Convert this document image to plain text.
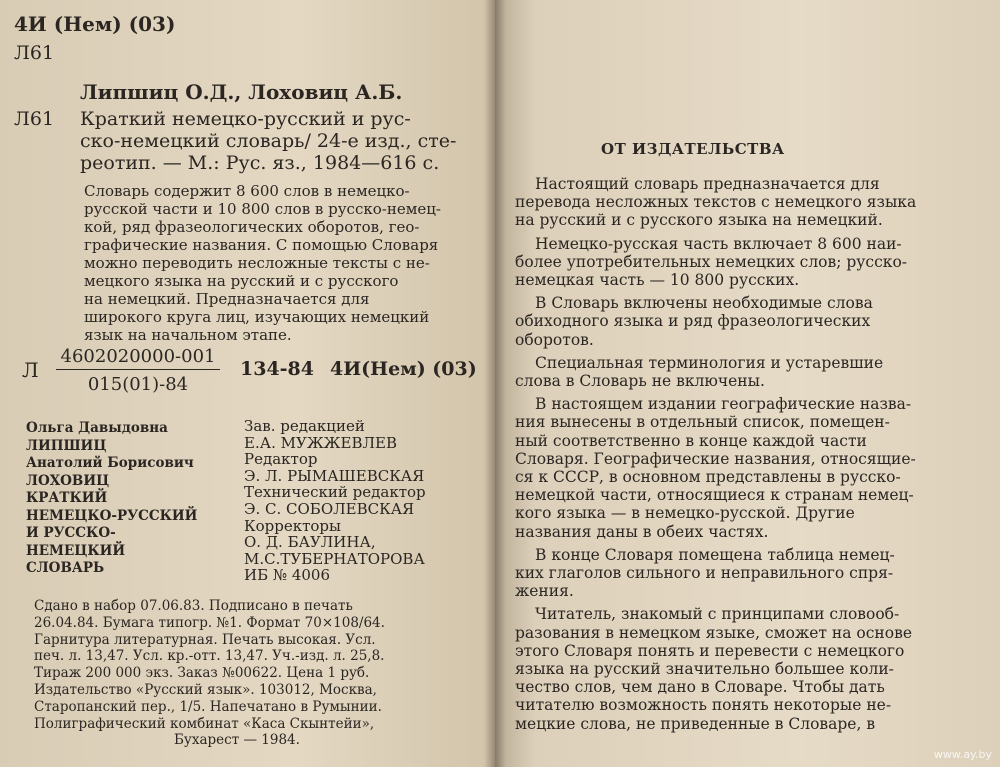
4И (Нем) (03)
Л61
Липшиц О.Д., Лоховиц А.Б.
Л61 Краткий немецко-русский и рус-
ско-немецкий словарь/ 24-е изд., сте-
реотип. — М.: Рус. яз., 1984—616 с.
Словарь содержит 8 600 слов в немецко-
русской части и 10 800 слов в русско-немец-
кой, ряд фразеологических оборотов, гео-
графические названия. С помощью Словаря
можно переводить несложные тексты с не-
мецкого языка на русский и с русского
на немецкий. Предназначается для
широкого круга лиц, изучающих немецкий
язык на начальном этапе.
Л
4602020000-001
015(01)-84
134-84 4И(Нем) (03)
Ольга Давыдовна
ЛИПШИЦ
Анатолий Борисович
ЛОХОВИЦ
КРАТКИЙ
НЕМЕЦКО-РУССКИЙ
И РУССКО-
НЕМЕЦКИЙ
СЛОВАРЬ
Зав. редакцией
Е.А. МУЖЖЕВЛЕВ
Редактор
Э. Л. РЫМАШЕВСКАЯ
Технический редактор
Э. С. СОБОЛЕВСКАЯ
Корректоры
О. Д. БАУЛИНА,
М.С.ТУБЕРНАТОРОВА
ИБ № 4006
Сдано в набор 07.06.83. Подписано в печать
26.04.84. Бумага типогр. №1. Формат 70×108/64.
Гарнитура литературная. Печать высокая. Усл.
печ. л. 13,47. Усл. кр.-отт. 13,47. Уч.-изд. л. 25,8.
Тираж 200 000 экз. Заказ №00622. Цена 1 руб.
Издательство «Русский язык». 103012, Москва,
Старопанский пер., 1/5. Напечатано в Румынии.
Полиграфический комбинат «Каса Скынтейи»,
Бухарест — 1984.
ОТ ИЗДАТЕЛЬСТВА
Настоящий словарь предназначается для
перевода несложных текстов с немецкого языка
на русский и с русского языка на немецкий.
Немецко-русская часть включает 8 600 наи-
более употребительных немецких слов; русско-
немецкая часть — 10 800 русских.
В Словарь включены необходимые слова
обиходного языка и ряд фразеологических
оборотов.
Специальная терминология и устаревшие
слова в Словарь не включены.
В настоящем издании географические назва-
ния вынесены в отдельный список, помещен-
ный соответственно в конце каждой части
Словаря. Географические названия, относящие-
ся к СССР, в основном представлены в русско-
немецкой части, относящиеся к странам немец-
кого языка — в немецко-русской. Другие
названия даны в обеих частях.
В конце Словаря помещена таблица немец-
ких глаголов сильного и неправильного спря-
жения.
Читатель, знакомый с принципами словооб-
разования в немецком языке, сможет на основе
этого Словаря понять и перевести с немецкого
языка на русский значительно большее коли-
чество слов, чем дано в Словаре. Чтобы дать
читателю возможность понять некоторые не-
мецкие слова, не приведенные в Словаре, в
www.ay.by
